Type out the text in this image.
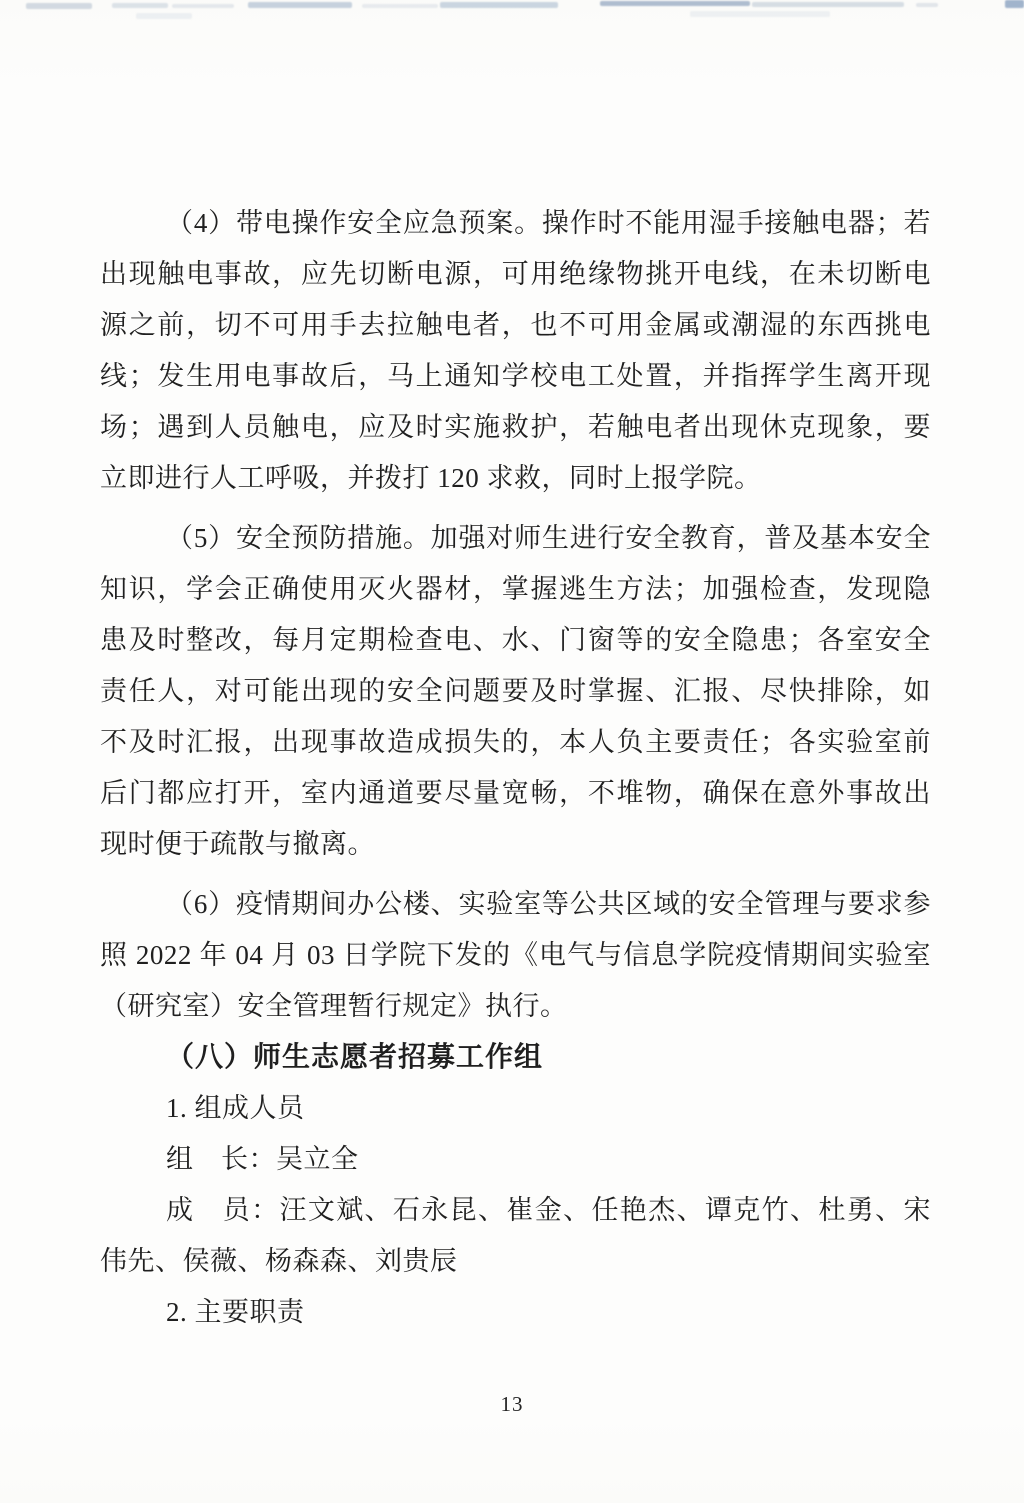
（4）带电操作安全应急预案。操作时不能用湿手接触电器；若
出现触电事故，应先切断电源，可用绝缘物挑开电线，在未切断电
源之前，切不可用手去拉触电者，也不可用金属或潮湿的东西挑电
线；发生用电事故后，马上通知学校电工处置，并指挥学生离开现
场；遇到人员触电，应及时实施救护，若触电者出现休克现象，要
立即进行人工呼吸，并拨打 120 求救，同时上报学院。
（5）安全预防措施。加强对师生进行安全教育，普及基本安全
知识，学会正确使用灭火器材，掌握逃生方法；加强检查，发现隐
患及时整改，每月定期检查电、水、门窗等的安全隐患；各室安全
责任人，对可能出现的安全问题要及时掌握、汇报、尽快排除，如
不及时汇报，出现事故造成损失的，本人负主要责任；各实验室前
后门都应打开，室内通道要尽量宽畅，不堆物，确保在意外事故出
现时便于疏散与撤离。
（6）疫情期间办公楼、实验室等公共区域的安全管理与要求参
照 2022 年 04 月 03 日学院下发的《电气与信息学院疫情期间实验室
（研究室）安全管理暂行规定》执行。
（八）师生志愿者招募工作组
1. 组成人员
组　长：吴立全
成　员：汪文斌、石永昆、崔金、任艳杰、谭克竹、杜勇、宋
伟先、侯薇、杨森森、刘贵辰
2. 主要职责
13
